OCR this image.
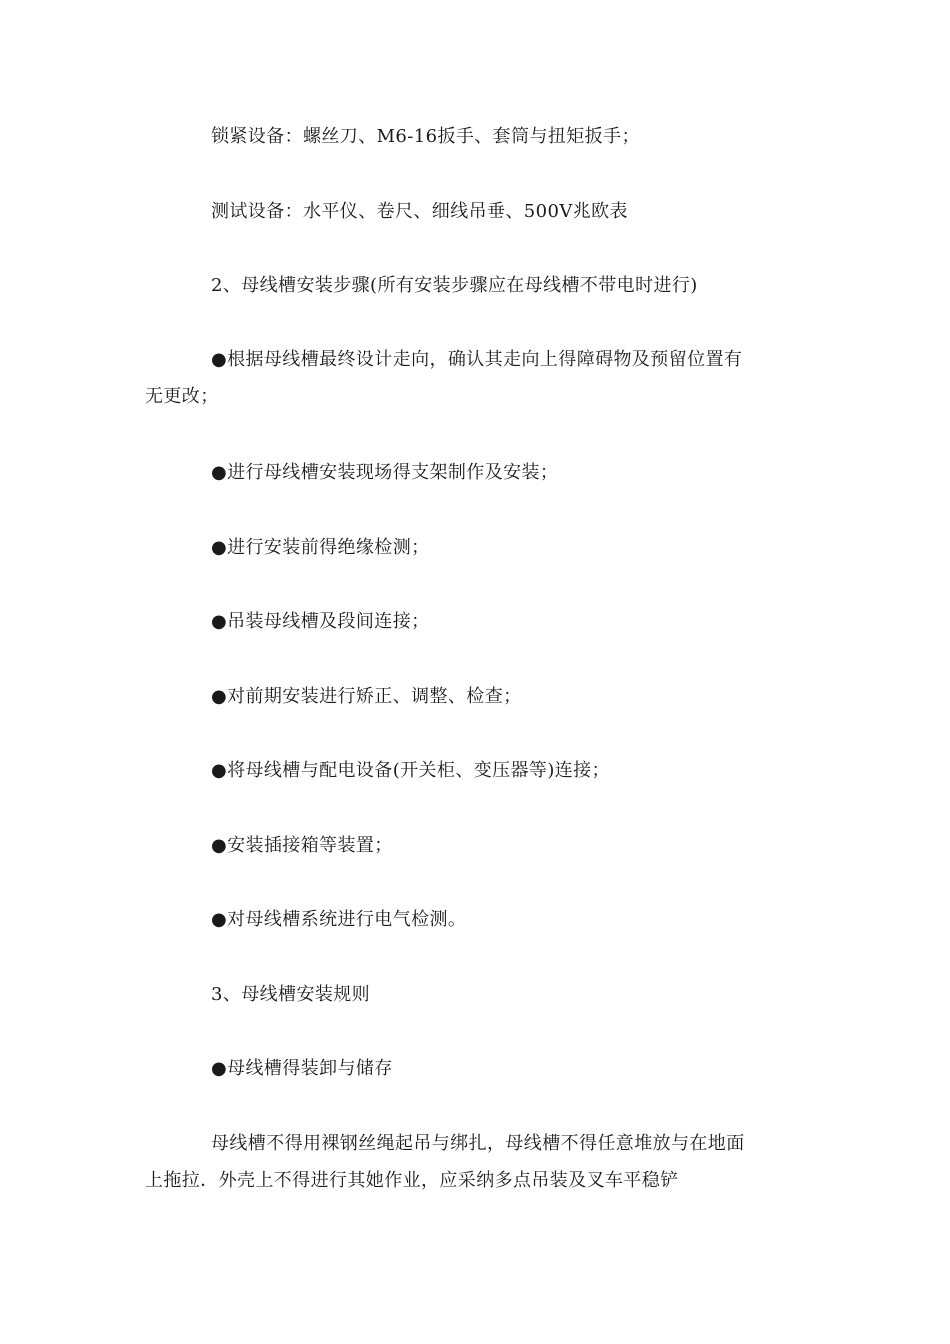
锁紧设备：螺丝刀、M6-16扳手、套筒与扭矩扳手；

测试设备：水平仪、卷尺、细线吊垂、500V兆欧表

2、母线槽安装步骤(所有安装步骤应在母线槽不带电时进行)

●根据母线槽最终设计走向，确认其走向上得障碍物及预留位置有无更改；

●进行母线槽安装现场得支架制作及安装；

●进行安装前得绝缘检测；

●吊装母线槽及段间连接；

●对前期安装进行矫正、调整、检查；

●将母线槽与配电设备(开关柜、变压器等)连接；

●安装插接箱等装置；

●对母线槽系统进行电气检测。

3、母线槽安装规则

●母线槽得装卸与储存

母线槽不得用裸钢丝绳起吊与绑扎，母线槽不得任意堆放与在地面上拖拉．外壳上不得进行其她作业，应采纳多点吊装及叉车平稳铲
